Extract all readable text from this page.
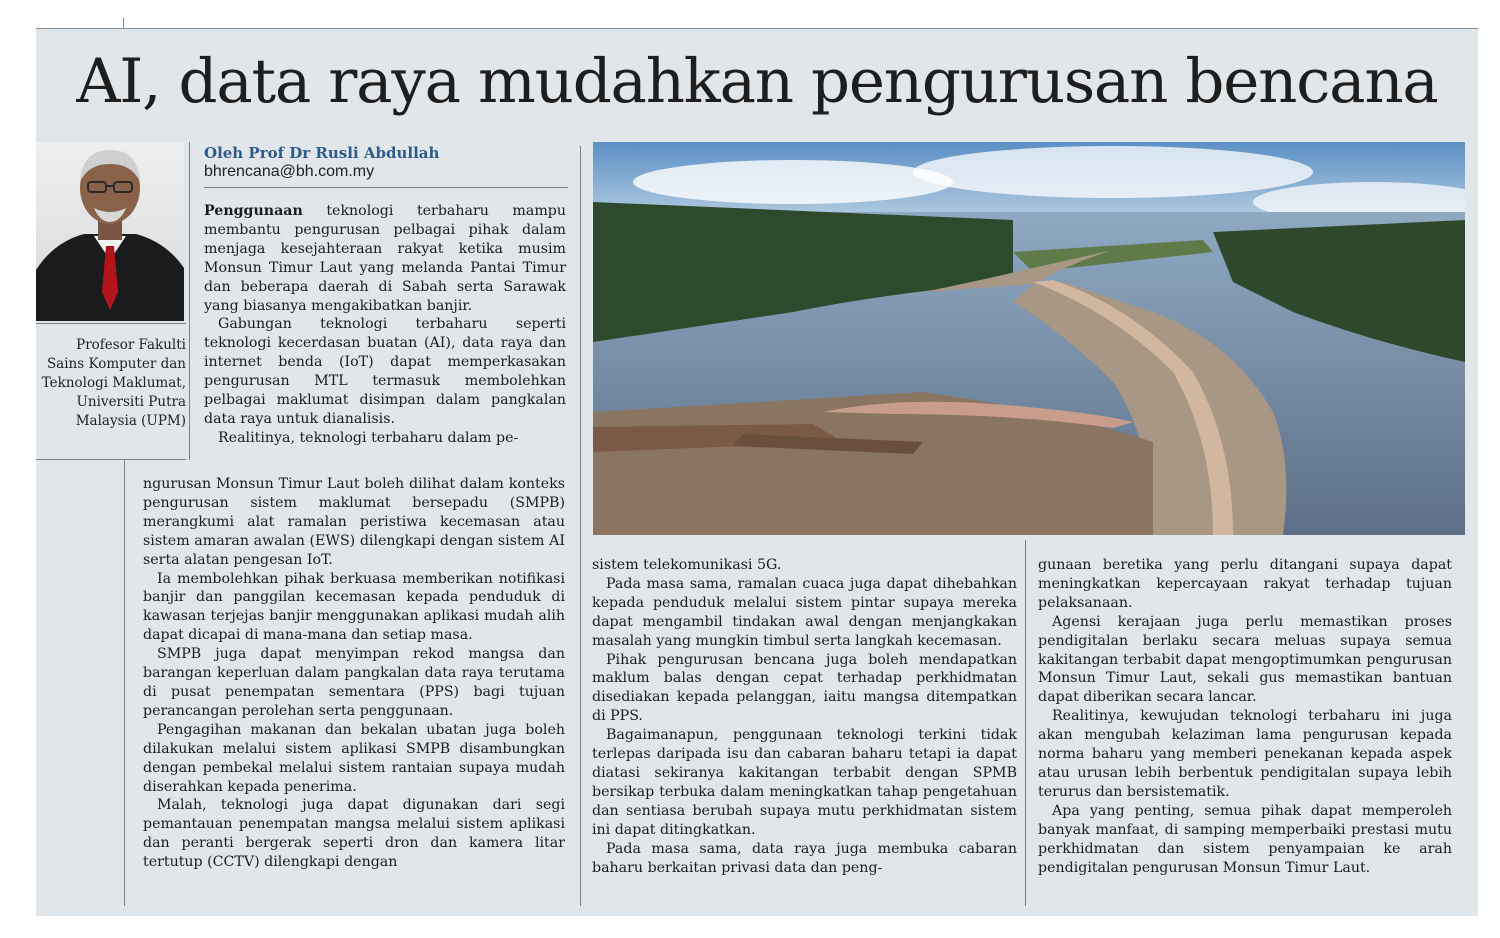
AI, data raya mudahkan pengurusan bencana
Profesor Fakulti Sains Komputer dan Teknologi Maklumat, Universiti Putra Malaysia (UPM)
Oleh Prof Dr Rusli Abdullah
bhrencana@bh.com.my

Penggunaan teknologi terbaharu mampu membantu pengurusan pelbagai pihak dalam menjaga kesejahteraan rakyat ketika musim Monsun Timur Laut yang melanda Pantai Timur dan beberapa daerah di Sabah serta Sarawak yang biasanya mengakibatkan banjir.

Gabungan teknologi terbaharu seperti teknologi kecerdasan buatan (AI), data raya dan internet benda (IoT) dapat memperkasakan pengurusan MTL termasuk membolehkan pelbagai maklumat disimpan dalam pangkalan data raya untuk dianalisis.

Realitinya, teknologi terbaharu dalam pe-

ngurusan Monsun Timur Laut boleh dilihat dalam konteks pengurusan sistem maklumat bersepadu (SMPB) merangkumi alat ramalan peristiwa kecemasan atau sistem amaran awalan (EWS) dilengkapi dengan sistem AI serta alatan pengesan IoT.

Ia membolehkan pihak berkuasa memberikan notifikasi banjir dan panggilan kecemasan kepada penduduk di kawasan terjejas banjir menggunakan aplikasi mudah alih dapat dicapai di mana-mana dan setiap masa.

SMPB juga dapat menyimpan rekod mangsa dan barangan keperluan dalam pangkalan data raya terutama di pusat penempatan sementara (PPS) bagi tujuan perancangan perolehan serta penggunaan.

Pengagihan makanan dan bekalan ubatan juga boleh dilakukan melalui sistem aplikasi SMPB disambungkan dengan pembekal melalui sistem rantaian supaya mudah diserahkan kepada penerima.

Malah, teknologi juga dapat digunakan dari segi pemantauan penempatan mangsa melalui sistem aplikasi dan peranti bergerak seperti dron dan kamera litar tertutup (CCTV) dilengkapi dengan

sistem telekomunikasi 5G.

Pada masa sama, ramalan cuaca juga dapat dihebahkan kepada penduduk melalui sistem pintar supaya mereka dapat mengambil tindakan awal dengan menjangkakan masalah yang mungkin timbul serta langkah kecemasan.

Pihak pengurusan bencana juga boleh mendapatkan maklum balas dengan cepat terhadap perkhidmatan disediakan kepada pelanggan, iaitu mangsa ditempatkan di PPS.

Bagaimanapun, penggunaan teknologi terkini tidak terlepas daripada isu dan cabaran baharu tetapi ia dapat diatasi sekiranya kakitangan terbabit dengan SPMB bersikap terbuka dalam meningkatkan tahap pengetahuan dan sentiasa berubah supaya mutu perkhidmatan sistem ini dapat ditingkatkan.

Pada masa sama, data raya juga membuka cabaran baharu berkaitan privasi data dan peng-

gunaan beretika yang perlu ditangani supaya dapat meningkatkan kepercayaan rakyat terhadap tujuan pelaksanaan.

Agensi kerajaan juga perlu memastikan proses pendigitalan berlaku secara meluas supaya semua kakitangan terbabit dapat mengoptimumkan pengurusan Monsun Timur Laut, sekali gus memastikan bantuan dapat diberikan secara lancar.

Realitinya, kewujudan teknologi terbaharu ini juga akan mengubah kelaziman lama pengurusan kepada norma baharu yang memberi penekanan kepada aspek atau urusan lebih berbentuk pendigitalan supaya lebih terurus dan bersistematik.

Apa yang penting, semua pihak dapat memperoleh banyak manfaat, di samping memperbaiki prestasi mutu perkhidmatan dan sistem penyampaian ke arah pendigitalan pengurusan Monsun Timur Laut.
